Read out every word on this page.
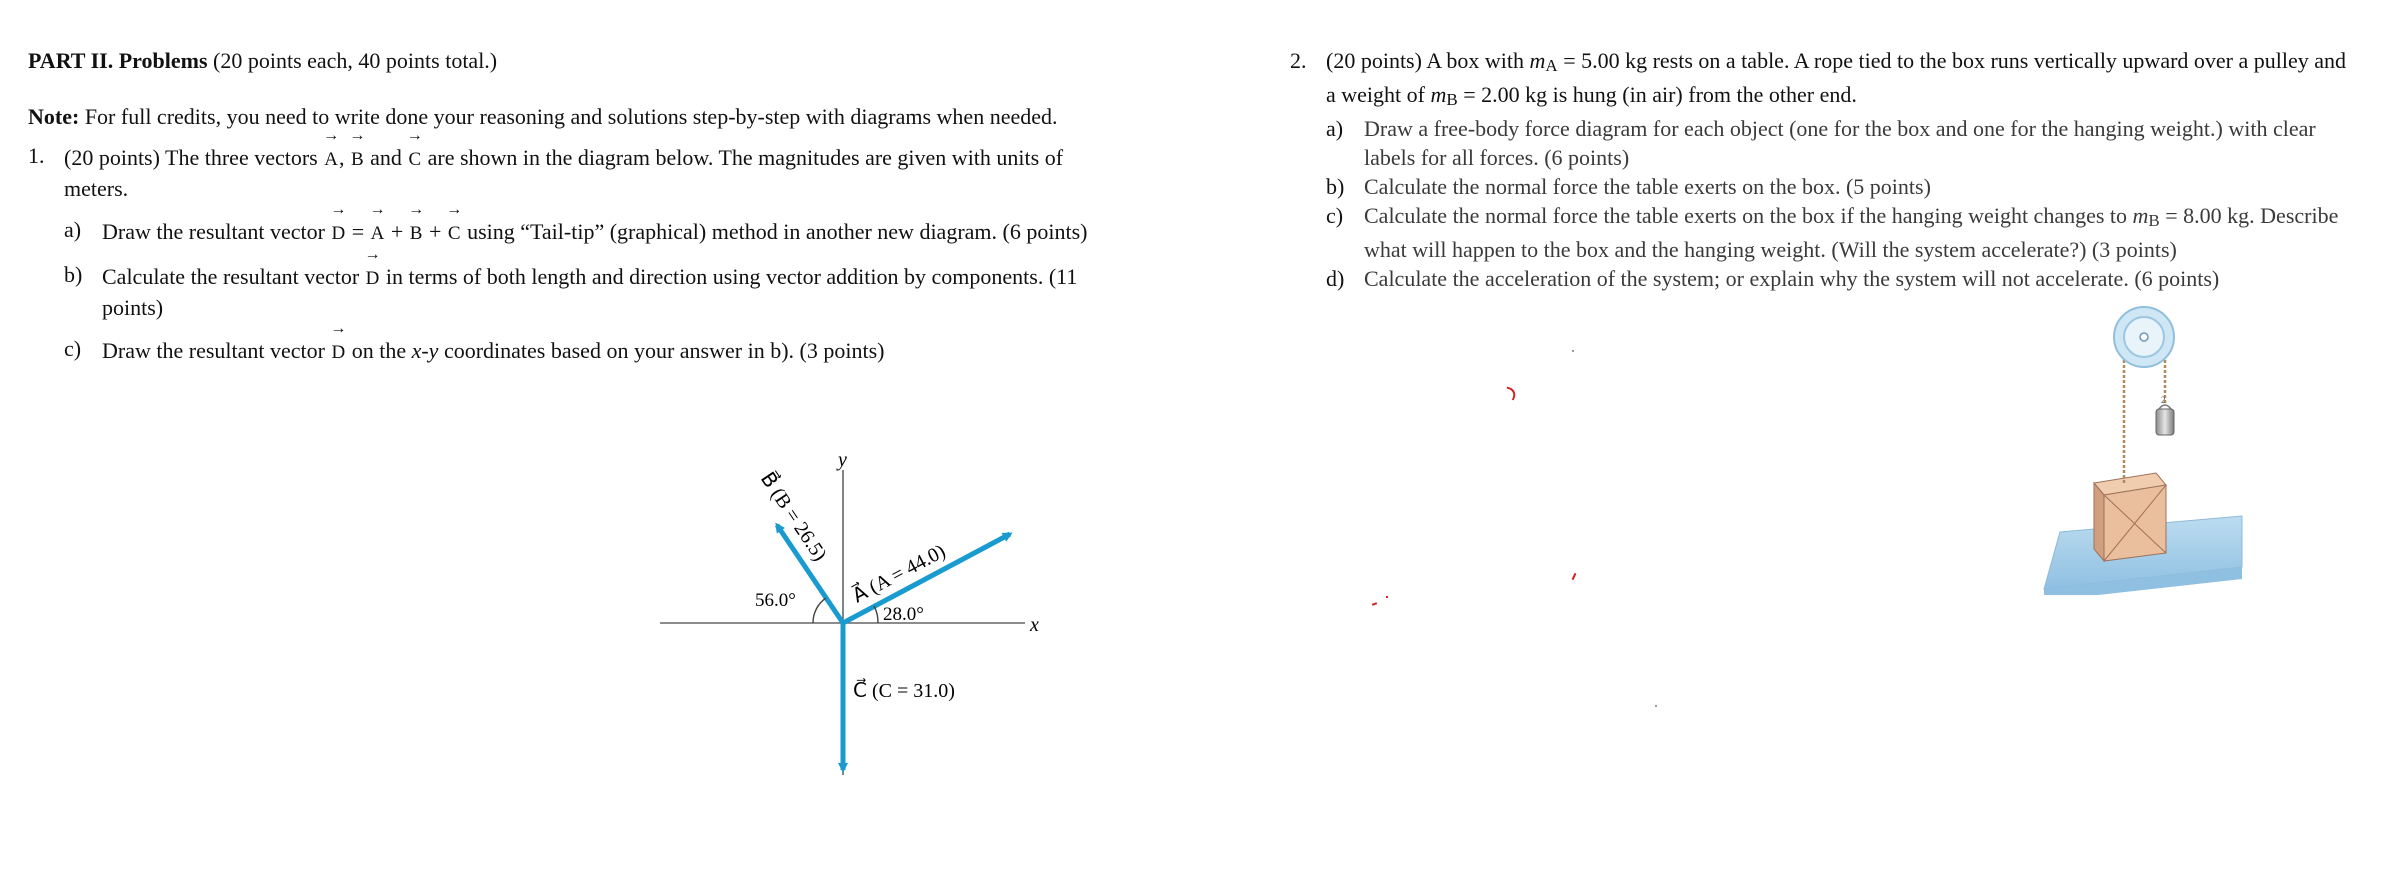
PART II. Problems (20 points each, 40 points total.)

Note: For full credits, you need to write done your reasoning and solutions step-by-step with diagrams when needed.

1. (20 points) The three vectors → A, → B and → C are shown in the diagram below. The magnitudes are given with units of meters.

a) Draw the resultant vector → D = → A + → B + → C using “Tail-tip” (graphical) method in another new diagram. (6 points)

b) Calculate the resultant vector → D in terms of both length and direction using vector addition by components. (11 points)

c) Draw the resultant vector → D on the x-y coordinates based on your answer in b). (3 points)

x
y
56.0°
28.0°
A⃗ (A = 44.0)
B⃗ (B = 26.5)
C⃗ (C = 31.0)
2. (20 points) A box with mA = 5.00 kg rests on a table. A rope tied to the box runs vertically upward over a pulley and a weight of mB = 2.00 kg is hung (in air) from the other end.

a) Draw a free-body force diagram for each object (one for the box and one for the hanging weight.) with clear labels for all forces. (6 points)

b) Calculate the normal force the table exerts on the box. (5 points)

c) Calculate the normal force the table exerts on the box if the hanging weight changes to mB = 8.00 kg. Describe what will happen to the box and the hanging weight. (Will the system accelerate?) (3 points)

d) Calculate the acceleration of the system; or explain why the system will not accelerate. (6 points)

2
